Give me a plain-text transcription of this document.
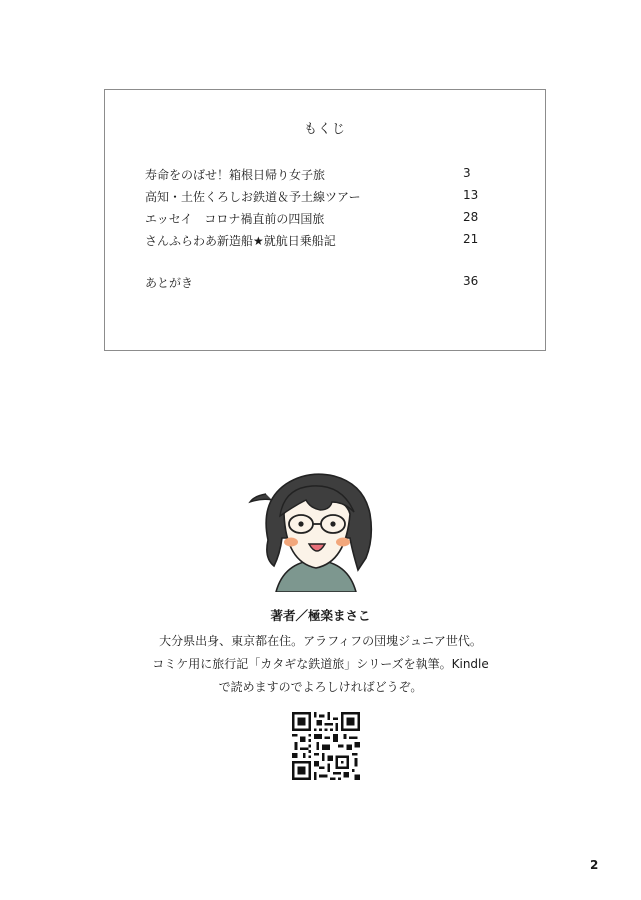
もくじ
寿命をのばせ！箱根日帰り女子旅	3
高知・土佐くろしお鉄道＆予土線ツアー	13
エッセイ　コロナ禍直前の四国旅	28
さんふらわあ新造船★就航日乗船記	21
あとがき	36
著者／極楽まさこ
大分県出身、東京都在住。アラフィフの団塊ジュニア世代。
コミケ用に旅行記「カタギな鉄道旅」シリーズを執筆。Kindle
で読めますのでよろしければどうぞ。
2
